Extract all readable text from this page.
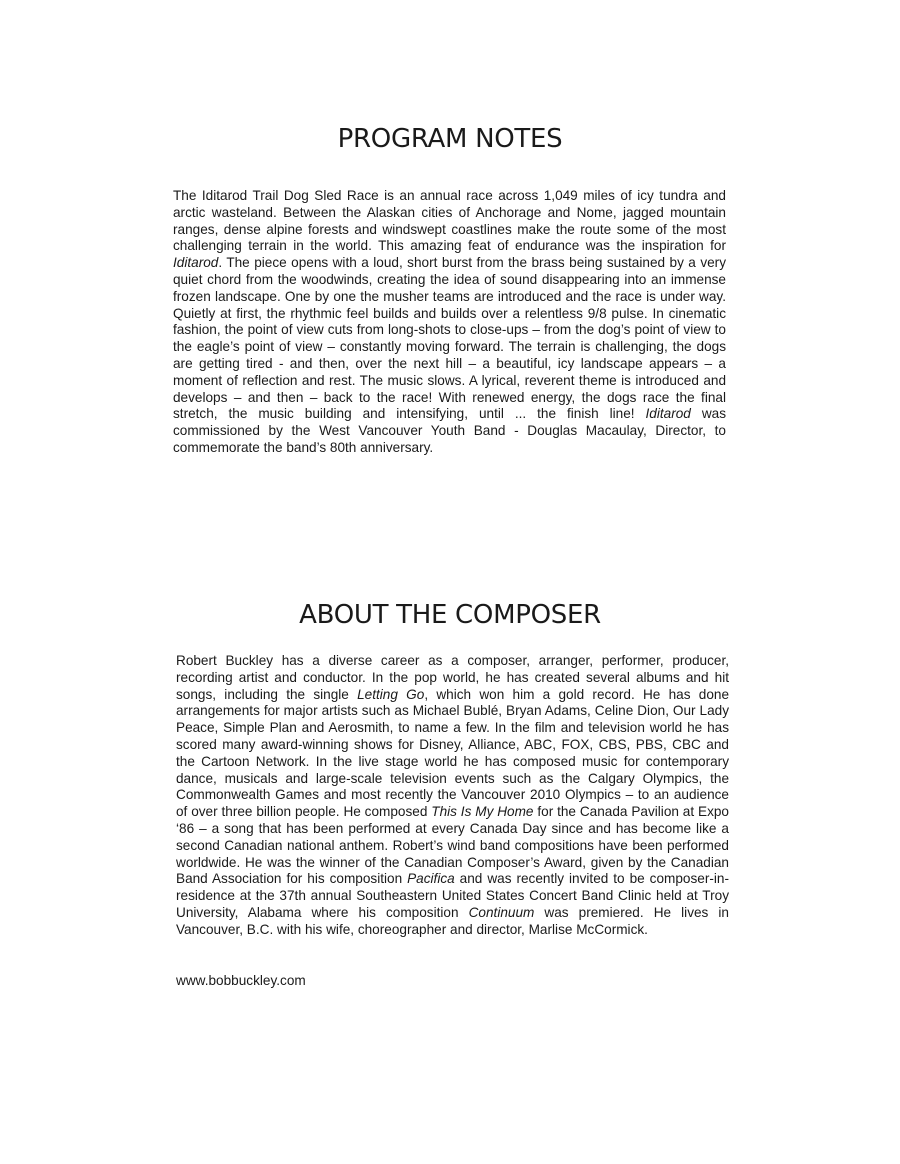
PROGRAM NOTES

The Iditarod Trail Dog Sled Race is an annual race across 1,049 miles of icy tundra and arctic wasteland. Between the Alaskan cities of Anchorage and Nome, jagged mountain ranges, dense alpine forests and windswept coastlines make the route some of the most challenging terrain in the world. This amazing feat of endurance was the inspiration for Iditarod. The piece opens with a loud, short burst from the brass being sustained by a very quiet chord from the woodwinds, creating the idea of sound disappearing into an immense frozen landscape. One by one the musher teams are introduced and the race is under way. Quietly at first, the rhythmic feel builds and builds over a relentless 9/8 pulse. In cinematic fashion, the point of view cuts from long-shots to close-ups – from the dog’s point of view to the eagle’s point of view – constantly moving forward. The terrain is challenging, the dogs are getting tired - and then, over the next hill – a beautiful, icy landscape appears – a moment of reflection and rest. The music slows. A lyrical, reverent theme is introduced and develops – and then – back to the race! With renewed energy, the dogs race the final stretch, the music building and intensifying, until ... the finish line! Iditarod was commissioned by the West Vancouver Youth Band - Douglas Macaulay, Director, to commemorate the band’s 80th anniversary.

ABOUT THE COMPOSER

Robert Buckley has a diverse career as a composer, arranger, performer, producer, recording artist and conductor. In the pop world, he has created several albums and hit songs, including the single Letting Go, which won him a gold record. He has done arrangements for major artists such as Michael Bublé, Bryan Adams, Celine Dion, Our Lady Peace, Simple Plan and Aerosmith, to name a few. In the film and television world he has scored many award-winning shows for Disney, Alliance, ABC, FOX, CBS, PBS, CBC and the Cartoon Network. In the live stage world he has composed music for contemporary dance, musicals and large-scale television events such as the Calgary Olympics, the Commonwealth Games and most recently the Vancouver 2010 Olympics – to an audience of over three billion people. He composed This Is My Home for the Canada Pavilion at Expo ‘86 – a song that has been performed at every Canada Day since and has become like a second Canadian national anthem. Robert’s wind band compositions have been performed worldwide. He was the winner of the Canadian Composer’s Award, given by the Canadian Band Association for his composition Pacifica and was recently invited to be composer-in-residence at the 37th annual Southeastern United States Concert Band Clinic held at Troy University, Alabama where his composition Continuum was premiered. He lives in Vancouver, B.C. with his wife, choreographer and director, Marlise McCormick.

www.bobbuckley.com
